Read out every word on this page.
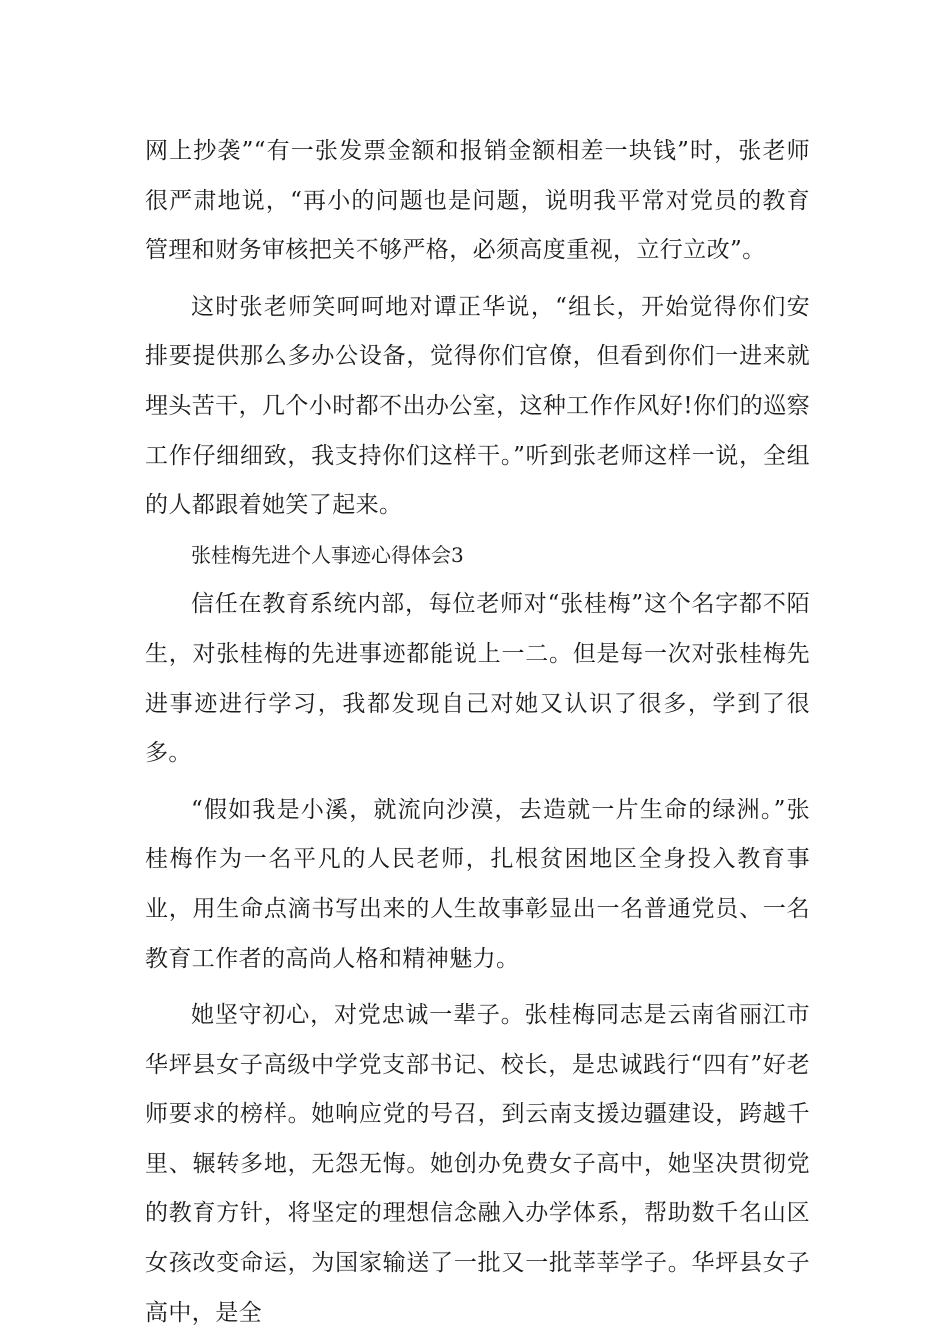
网上抄袭”“有一张发票金额和报销金额相差一块钱”时，张老师很严肃地说，“再小的问题也是问题，说明我平常对党员的教育管理和财务审核把关不够严格，必须高度重视，立行立改”。

这时张老师笑呵呵地对谭正华说，“组长，开始觉得你们安排要提供那么多办公设备，觉得你们官僚，但看到你们一进来就埋头苦干，几个小时都不出办公室，这种工作作风好!你们的巡察工作仔细细致，我支持你们这样干。”听到张老师这样一说，全组的人都跟着她笑了起来。

张桂梅先进个人事迹心得体会3

信任在教育系统内部，每位老师对“张桂梅”这个名字都不陌生，对张桂梅的先进事迹都能说上一二。但是每一次对张桂梅先进事迹进行学习，我都发现自己对她又认识了很多，学到了很多。

“假如我是小溪，就流向沙漠，去造就一片生命的绿洲。”张桂梅作为一名平凡的人民老师，扎根贫困地区全身投入教育事业，用生命点滴书写出来的人生故事彰显出一名普通党员、一名教育工作者的高尚人格和精神魅力。

她坚守初心，对党忠诚一辈子。张桂梅同志是云南省丽江市华坪县女子高级中学党支部书记、校长，是忠诚践行“四有”好老师要求的榜样。她响应党的号召，到云南支援边疆建设，跨越千里、辗转多地，无怨无悔。她创办免费女子高中，她坚决贯彻党的教育方针，将坚定的理想信念融入办学体系，帮助数千名山区女孩改变命运，为国家输送了一批又一批莘莘学子。华坪县女子高中，是全
